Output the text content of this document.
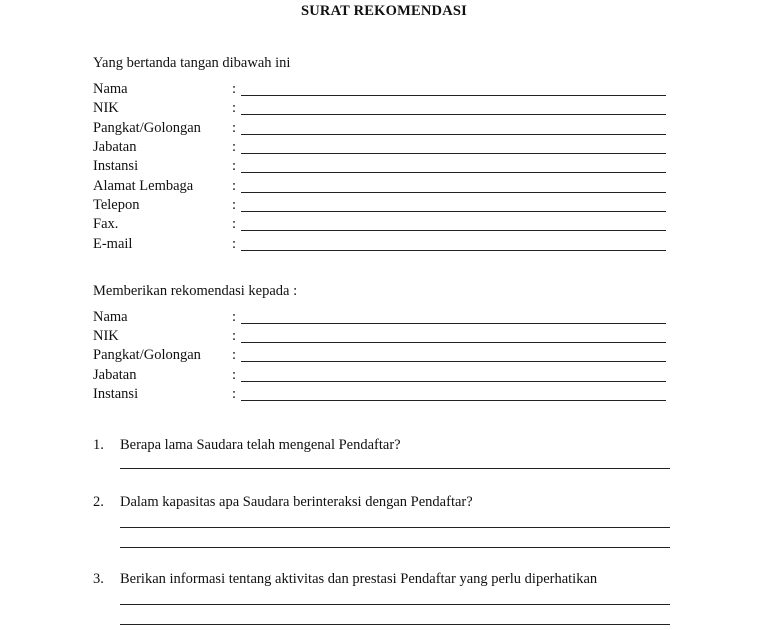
SURAT REKOMENDASI
Yang bertanda tangan dibawah ini
Nama	:
NIK	:
Pangkat/Golongan :
Jabatan	:
Instansi	:
Alamat Lembaga	:
Telepon	:
Fax.	:
E-mail	:
Memberikan rekomendasi kepada :
Nama	:
NIK	:
Pangkat/Golongan :
Jabatan	:
Instansi	:
1. Berapa lama Saudara telah mengenal Pendaftar?
2. Dalam kapasitas apa Saudara berinteraksi dengan Pendaftar?
3. Berikan informasi tentang aktivitas dan prestasi Pendaftar yang perlu diperhatikan
